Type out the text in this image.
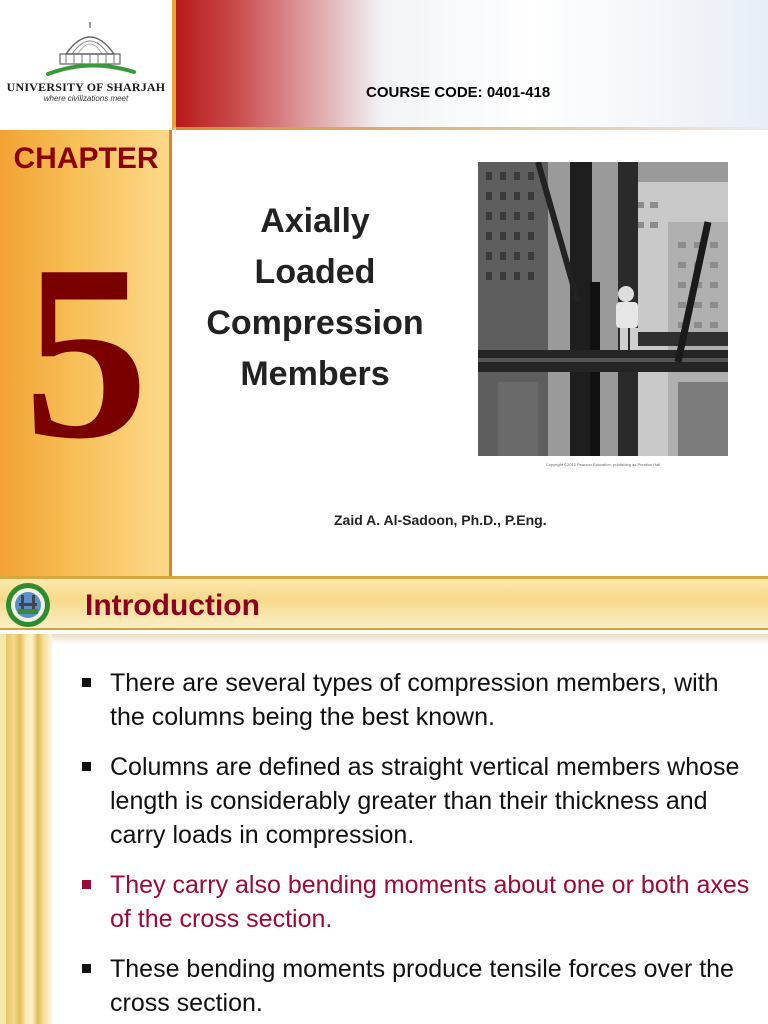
UNIVERSITY OF SHARJAH
where civilizations meet	COURSE CODE: 0401-418
CHAPTER
5	Axially
Loaded
Compression
Members
Copyright ©2012 Pearson Education, publishing as Prentice Hall
Zaid A. Al-Sadoon, Ph.D., P.Eng.
Introduction
There are several types of compression members, with the columns being the best known.
Columns are defined as straight vertical members whose length is considerably greater than their thickness and carry loads in compression.
They carry also bending moments about one or both axes of the cross section.
These bending moments produce tensile forces over the cross section.
